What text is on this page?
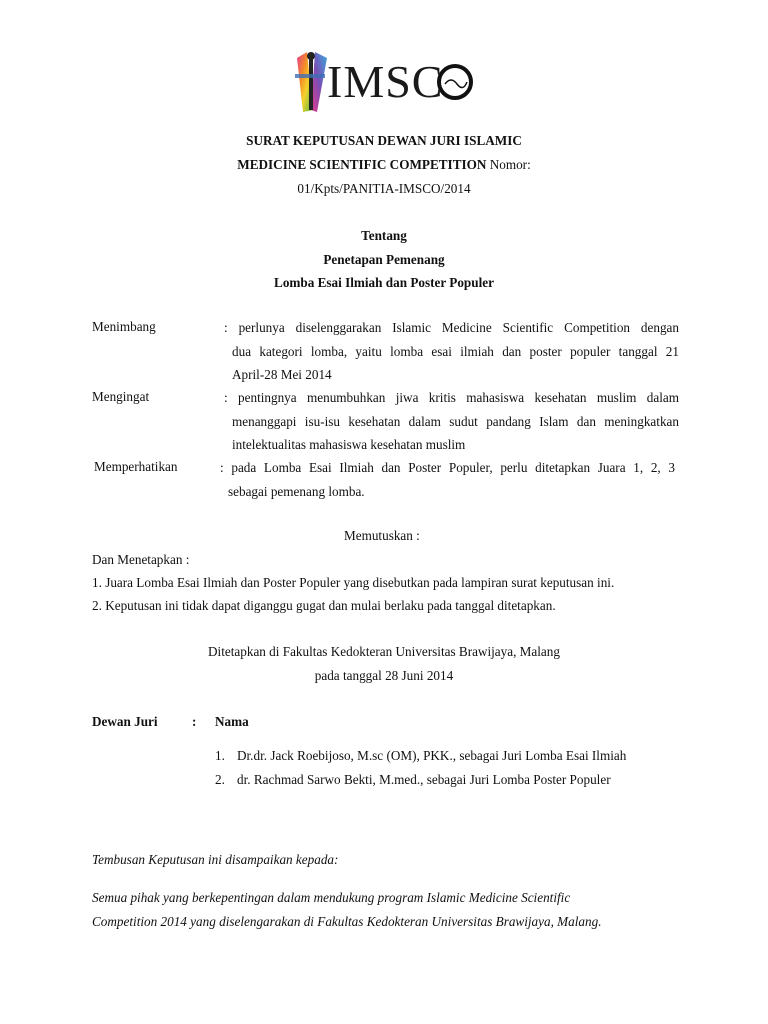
IMSC
SURAT KEPUTUSAN DEWAN JURI ISLAMIC
MEDICINE SCIENTIFIC COMPETITION Nomor:
01/Kpts/PANITIA-IMSCO/2014
Tentang
Penetapan Pemenang
Lomba Esai Ilmiah dan Poster Populer
Menimbang	: perlunya diselenggarakan Islamic Medicine Scientific Competition dengan
dua kategori lomba, yaitu lomba esai ilmiah dan poster populer tanggal 21
April-28 Mei 2014
Mengingat	: pentingnya menumbuhkan jiwa kritis mahasiswa kesehatan muslim dalam
menanggapi isu-isu kesehatan dalam sudut pandang Islam dan meningkatkan
intelektualitas mahasiswa kesehatan muslim
Memperhatikan	: pada Lomba Esai Ilmiah dan Poster Populer, perlu ditetapkan Juara 1, 2, 3
sebagai pemenang lomba.
Memutuskan :
Dan Menetapkan :
1. Juara Lomba Esai Ilmiah dan Poster Populer yang disebutkan pada lampiran surat keputusan ini.
2. Keputusan ini tidak dapat diganggu gugat dan mulai berlaku pada tanggal ditetapkan.
Ditetapkan di Fakultas Kedokteran Universitas Brawijaya, Malang
pada tanggal 28 Juni 2014
Dewan Juri	: Nama
1. Dr.dr. Jack Roebijoso, M.sc (OM), PKK., sebagai Juri Lomba Esai Ilmiah
2. dr. Rachmad Sarwo Bekti, M.med., sebagai Juri Lomba Poster Populer
Tembusan Keputusan ini disampaikan kepada:
Semua pihak yang berkepentingan dalam mendukung program Islamic Medicine Scientific
Competition 2014 yang diselengarakan di Fakultas Kedokteran Universitas Brawijaya, Malang.
